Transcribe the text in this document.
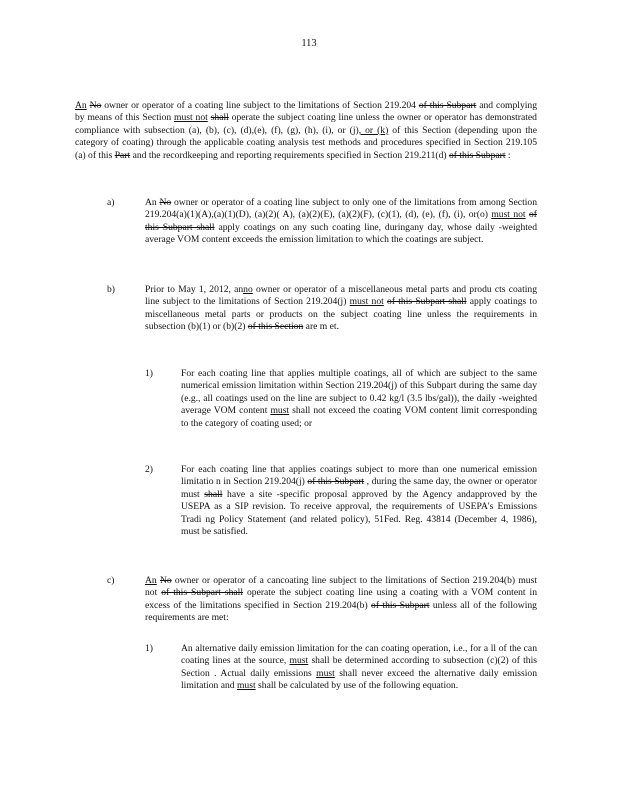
113
An No owner or operator of a coating line subject to the limitations of Section 219.204 of this Subpart and complying by means of this Section must not shall operate the subject coating line unless the owner or operator has demonstrated compliance with subsection (a), (b), (c), (d),(e), (f), (g), (h), (i), or (j), or (k) of this Section (depending upon the category of coating) through the applicable coating analysis test methods and procedures specified in Section 219.105 (a) of this Part and the recordkeeping and reporting requirements specified in Section 219.211(d) of this Subpart :
a)	An No owner or operator of a coating line subject to only one of the limitations from among Section 219.204(a)(1)(A),(a)(1)(D), (a)(2)( A), (a)(2)(E), (a)(2)(F), (c)(1), (d), (e), (f), (i), or(o) must not of this Subpart shall apply coatings on any such coating line, duringany day, whose daily -weighted average VOM content exceeds the emission limitation to which the coatings are subject.
b)	Prior to May 1, 2012, anno owner or operator of a miscellaneous metal parts and produ cts coating line subject to the limitations of Section 219.204(j) must not of this Subpart shall apply coatings to miscellaneous metal parts or products on the subject coating line unless the requirements in subsection (b)(1) or (b)(2) of this Section are m et.
1)	For each coating line that applies multiple coatings, all of which are subject to the same numerical emission limitation within Section 219.204(j) of this Subpart during the same day (e.g., all coatings used on the line are subject to 0.42 kg/l (3.5 lbs/gal)), the daily -weighted average VOM content must shall not exceed the coating VOM content limit corresponding to the category of coating used; or
2)	For each coating line that applies coatings subject to more than one numerical emission limitatio n in Section 219.204(j) of this Subpart , during the same day, the owner or operator must shall have a site -specific proposal approved by the Agency andapproved by the USEPA as a SIP revision. To receive approval, the requirements of USEPA's Emissions Tradi ng Policy Statement (and related policy), 51Fed. Reg. 43814 (December 4, 1986), must be satisfied.
c)	An No owner or operator of a cancoating line subject to the limitations of Section 219.204(b) must not of this Subpart shall operate the subject coating line using a coating with a VOM content in excess of the limitations specified in Section 219.204(b) of this Subpart unless all of the following requirements are met:
1)	An alternative daily emission limitation for the can coating operation, i.e., for a ll of the can coating lines at the source, must shall be determined according to subsection (c)(2) of this Section . Actual daily emissions must shall never exceed the alternative daily emission limitation and must shall be calculated by use of the following equation.
